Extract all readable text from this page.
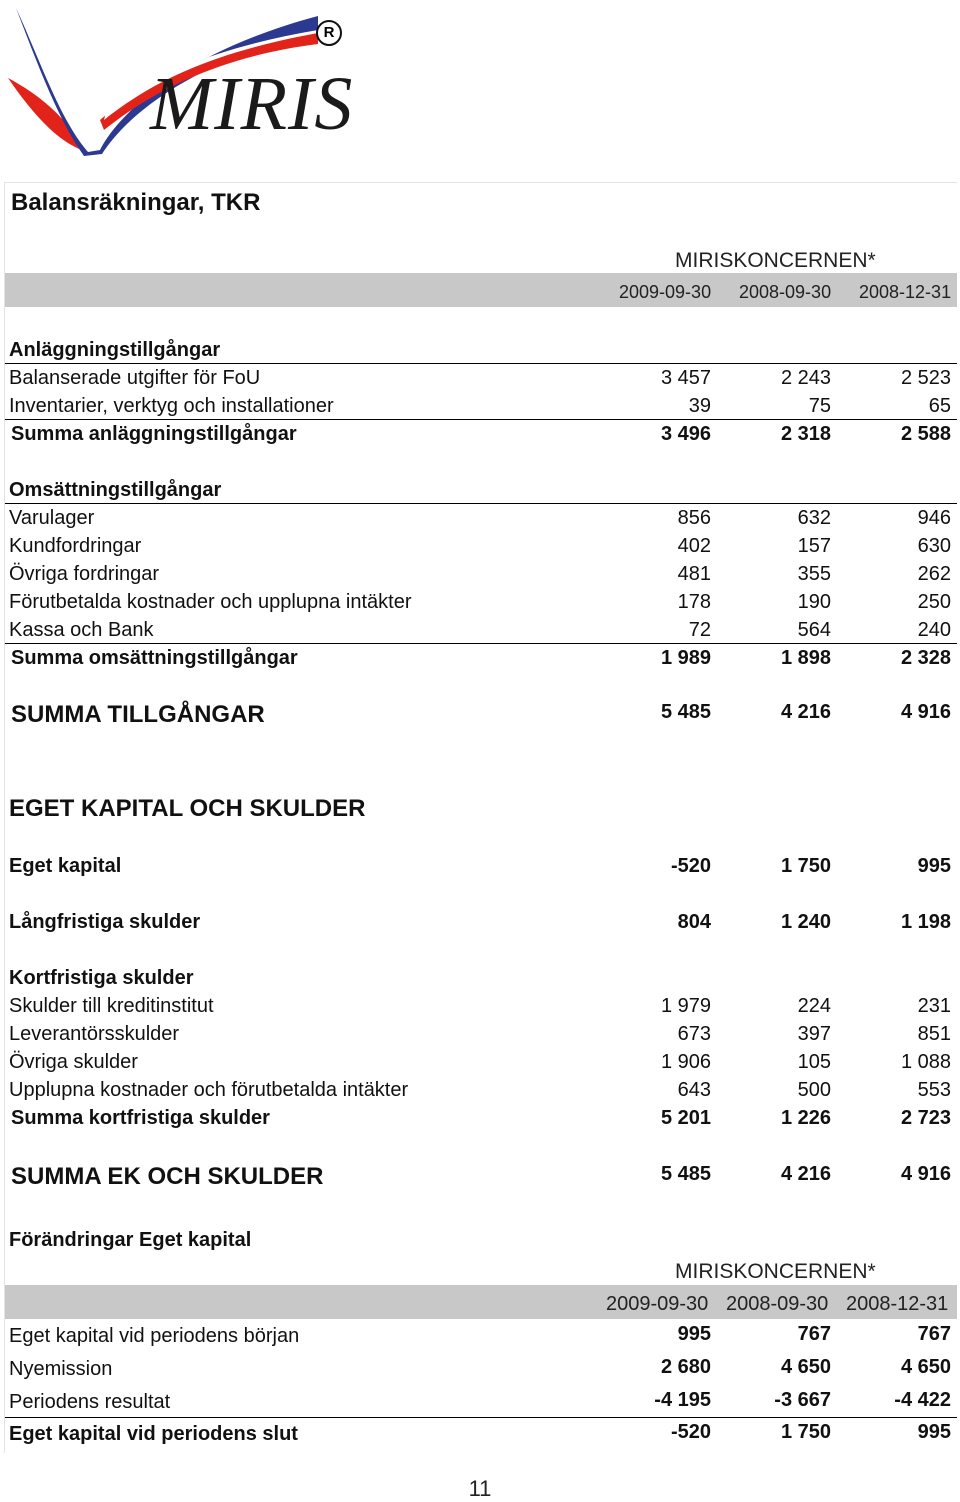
MIRIS
R
Balansräkningar, TKR
MIRISKONCERNEN*
2009-09-30 2008-09-30 2008-12-31
Anläggningstillgångar
Balanserade utgifter för FoU	3 457	2 243	2 523
Inventarier, verktyg och installationer	39	75	65
Summa anläggningstillgångar	3 496	2 318	2 588
Omsättningstillgångar
Varulager	856	632	946
Kundfordringar	402	157	630
Övriga fordringar	481	355	262
Förutbetalda kostnader och upplupna intäkter	178	190	250
Kassa och Bank	72	564	240
Summa omsättningstillgångar	1 989	1 898	2 328
SUMMA TILLGÅNGAR	5 485	4 216	4 916
EGET KAPITAL OCH SKULDER
Eget kapital	-520	1 750	995
Långfristiga skulder	804	1 240	1 198
Kortfristiga skulder
Skulder till kreditinstitut	1 979	224	231
Leverantörsskulder	673	397	851
Övriga skulder	1 906	105	1 088
Upplupna kostnader och förutbetalda intäkter	643	500	553
Summa kortfristiga skulder	5 201	1 226	2 723
SUMMA EK OCH SKULDER	5 485	4 216	4 916
Förändringar Eget kapital
MIRISKONCERNEN*
2009-09-30 2008-09-30 2008-12-31
Eget kapital vid periodens början	995	767	767
Nyemission	2 680	4 650	4 650
Periodens resultat	-4 195	-3 667	-4 422
Eget kapital vid periodens slut	-520	1 750	995
11
